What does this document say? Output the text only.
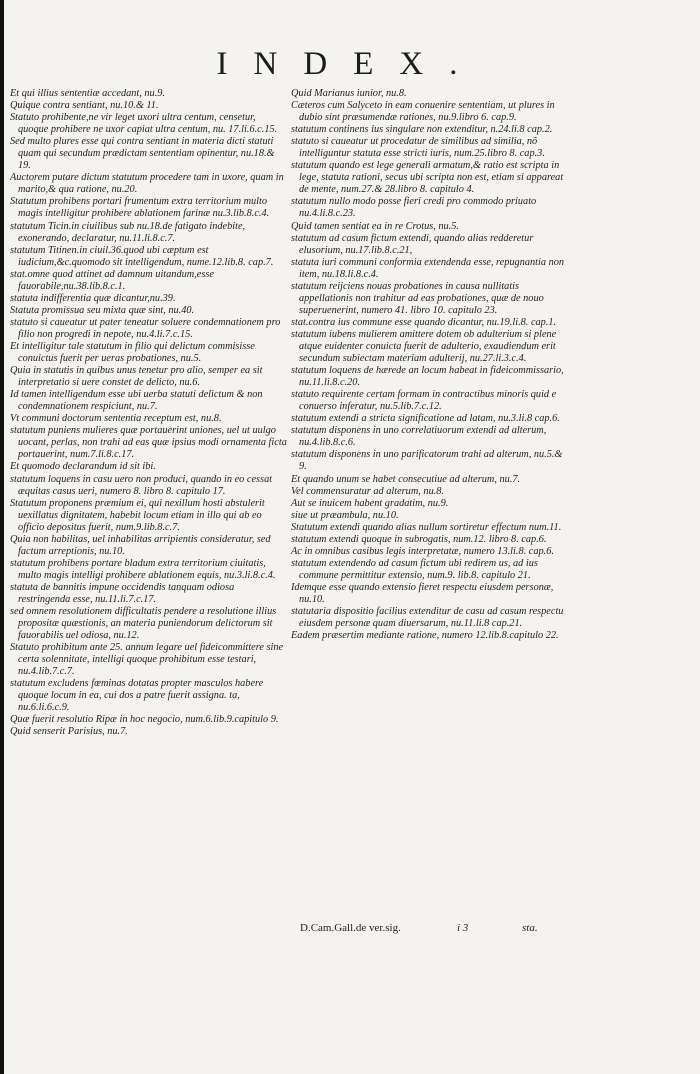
INDEX.

Et qui illius sententiæ accedant, nu.9.

Quique contra sentiant, nu.10.& 11.

Statuto prohibente,ne vir leget uxori ultra centum, censetur, quoque prohibere ne uxor capiat ultra centum, nu. 17.li.6.c.15.

Sed multo plures esse qui contra sentiant in materia dicti statuti quam qui secundum prædictam sententiam opinentur, nu.18.& 19.

Auctorem putare dictum statutum procedere tam in uxore, quam in marito,& qua ratione, nu.20.

Statutum prohibens portari frumentum extra territorium multo magis intelligitur prohibere ablationem farinæ nu.3.lib.8.c.4.

statutum Ticin.in ciuilibus sub nu.18.de fatigato indebite, exonerando, declaratur, nu.11.li.8.c.7.

statutum Titinen.in ciuil.36.quod ubi cæptum est iudicium,&c.quomodo sit intelligendum, nume.12.lib.8. cap.7.

stat.omne quod attinet ad damnum uitandum,esse fauorabile,nu.38.lib.8.c.1.

statuta indifferentia quæ dicantur,nu.39.

Statuta promissua seu mixta quæ sint, nu.40.

statuto si caueatur ut pater teneatur soluere condemnationem pro filio non progredi in nepote, nu.4.li.7.c.15.

Et intelligitur tale statutum in filio qui delictum commisisse conuictus fuerit per ueras probationes, nu.5.

Quia in statutis in quibus unus tenetur pro alio, semper ea sit interpretatio si uere constet de delicto, nu.6.

Id tamen intelligendum esse ubi uerba statuti delictum & non condemnationem respiciunt, nu.7.

Vt communi doctorum sententia receptum est, nu.8.

statutum puniens mulieres quæ portauerint uniones, uel ut uulgo uocant, perlas, non trahi ad eas quæ ipsius modi ornamenta ficta portauerint, num.7.li.8.c.17.

Et quomodo declarandum id sit ibi.

statutum loquens in casu uero non produci, quando in eo cessat æquitas casus ueri, numero 8. libro 8. capitulo 17.

Statutum proponens præmium ei, qui nexillum hosti abstulerit uexillatus dignitatem, habebit locum etiam in illo qui ab eo officio depositus fuerit, num.9.lib.8.c.7.

Quia non habilitas, uel inhabilitas arripientis consideratur, sed factum arreptionis, nu.10.

statutum prohibens portare bladum extra territorium ciuitatis, multo magis intelligi prohibere ablationem equis, nu.3.li.8.c.4.

statuta de bannitis impune occidendis tanquam odiosa restringenda esse, nu.11.li.7.c.17.

sed omnem resolutionem difficultatis pendere a resolutione illius propositæ quæstionis, an materia puniendorum delictorum sit fauorabilis uel odiosa, nu.12.

Statuto prohibitum ante 25. annum legare uel fideicommittere sine certa solennitate, intelligi quoque prohibitum esse testari, nu.4.lib.7.c.7.

statutum excludens fœminas dotatas propter masculos habere quoque locum in ea, cui dos a patre fuerit assigna. ta, nu.6.li.6.c.9.

Quæ fuerit resolutio Ripæ in hoc negocio, num.6.lib.9.capitulo 9.

Quid senserit Parisius, nu.7.

Quid Marianus iunior, nu.8.

Cæteros cum Salyceto in eam conuenire sententiam, ut plures in dubio sint præsumendæ rationes, nu.9.libro 6. cap.9.

statutum continens ius singulare non extenditur, n.24.li.8 cap.2.

statuto si caueatur ut procedatur de similibus ad similia, nõ intelliguntur statuta esse stricti iuris, num.25.libro 8. cap.3.

statutum quando est lege generali armatum,& ratio est scripta in lege, statuta rationi, secus ubi scripta non est, etiam si appareat de mente, num.27.& 28.libro 8. capitulo 4.

statutum nullo modo posse fieri credi pro commodo priuato nu.4.li.8.c.23.

Quid tamen sentiat ea in re Crotus, nu.5.

statutum ad casum fictum extendi, quando alias redderetur elusorium, nu.17.lib.8.c.21,

statuta iuri communi conformia extendenda esse, repugnantia non item, nu.18.li.8.c.4.

statutum reijciens nouas probationes in causa nullitatis appellationis non trahitur ad eas probationes, quæ de nouo superuenerint, numero 41. libro 10. capitulo 23.

stat.contra ius commune esse quando dicantur, nu.19.li.8. cap.1.

statutum iubens mulierem amittere dotem ob adulterium si plene atque euidenter conuicta fuerit de adulterio, exaudiendum erit secundum subiectam materiam adulterij, nu.27.li.3.c.4.

statutum loquens de hærede an locum habeat in fideicommissario, nu.11.li.8.c.20.

statuto requirente certam formam in contractibus minoris quid e conuerso inferatur, nu.5.lib.7.c.12.

statutum extendi a stricta significatione ad latam, nu.3.li.8 cap.6.

statutum disponens in uno correlatiuorum extendi ad alterum, nu.4.lib.8.c.6.

statutum disponens in uno parificatorum trahi ad alterum, nu.5.& 9.

Et quando unum se habet consecutiue ad alterum, nu.7.

Vel commensuratur ad alterum, nu.8.

Aut se inuicem habent gradatim, nu.9.

siue ut præambula, nu.10.

Statutum extendi quando alias nullum sortiretur effectum num.11.

statutum extendi quoque in subrogatis, num.12. libro 8. cap.6.

Ac in omnibus casibus legis interpretatæ, numero 13.li.8. cap.6.

statutum extendendo ad casum fictum ubi redirem us, ad ius commune permittitur extensio, num.9. lib.8. capitulo 21.

Idemque esse quando extensio fieret respectu eiusdem personæ, nu.10.

statutaria dispositio facilius extenditur de casu ad casum respectu eiusdem personæ quam diuersarum, nu.11.li.8 cap.21.

Eadem præsertim mediante ratione, numero 12.lib.8.capitulo 22.

D.Cam.Gall.de ver.sig.	i 3	sta.
